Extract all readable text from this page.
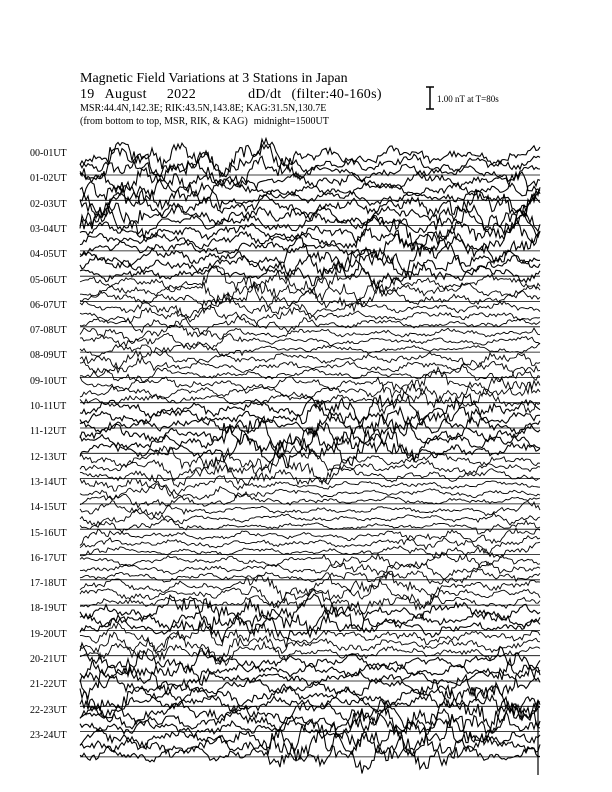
Magnetic Field Variations at 3 Stations in Japan
19 August 2022	dD/dt (filter:40-160s)
MSR:44.4N,142.3E; RIK:43.5N,143.8E; KAG:31.5N,130.7E
(from bottom to top, MSR, RIK, & KAG) midnight=1500UT
1.00 nT at T=80s
00-01UT
01-02UT
02-03UT
03-04UT
04-05UT
05-06UT
06-07UT
07-08UT
08-09UT
09-10UT
10-11UT
11-12UT
12-13UT
13-14UT
14-15UT
15-16UT
16-17UT
17-18UT
18-19UT
19-20UT
20-21UT
21-22UT
22-23UT
23-24UT
